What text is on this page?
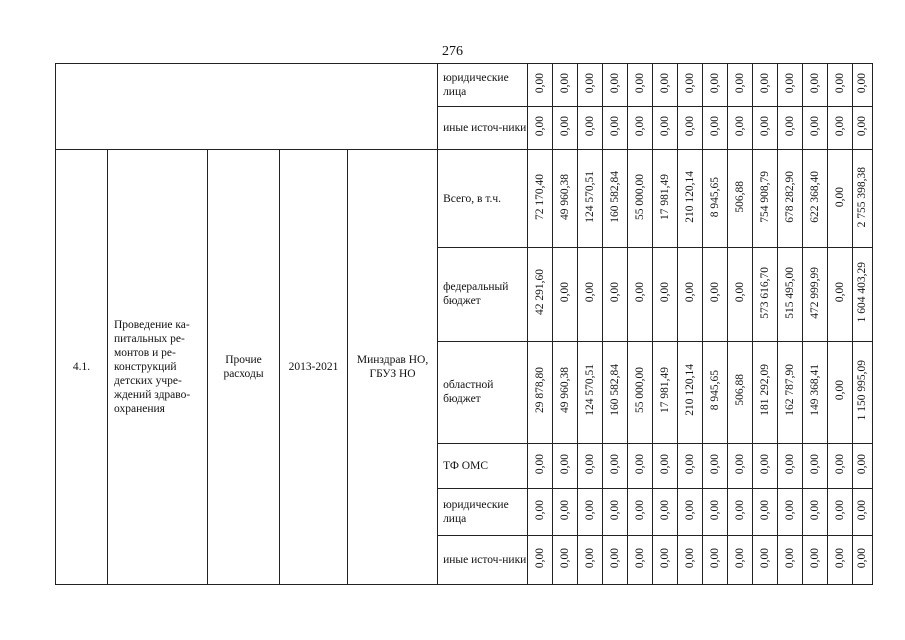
276
					юридические лица	0,00	0,00	0,00	0,00	0,00	0,00	0,00	0,00	0,00	0,00	0,00	0,00	0,00	0,00
					иные источ-ники	0,00	0,00	0,00	0,00	0,00	0,00	0,00	0,00	0,00	0,00	0,00	0,00	0,00	0,00
4.1.	Проведение ка-питальных ре-монтов и ре-конструкций детских учре-ждений здраво-охранения	Прочие расходы	2013-2021	Минздрав НО, ГБУЗ НО	Всего, в т.ч.	72 170,40	49 960,38	124 570,51	160 582,84	55 000,00	17 981,49	210 120,14	8 945,65	506,88	754 908,79	678 282,90	622 368,40	0,00	2 755 398,38
					федеральный бюджет	42 291,60	0,00	0,00	0,00	0,00	0,00	0,00	0,00	0,00	573 616,70	515 495,00	472 999,99	0,00	1 604 403,29
					областной бюджет	29 878,80	49 960,38	124 570,51	160 582,84	55 000,00	17 981,49	210 120,14	8 945,65	506,88	181 292,09	162 787,90	149 368,41	0,00	1 150 995,09
					ТФ ОМС	0,00	0,00	0,00	0,00	0,00	0,00	0,00	0,00	0,00	0,00	0,00	0,00	0,00	0,00
					юридические лица	0,00	0,00	0,00	0,00	0,00	0,00	0,00	0,00	0,00	0,00	0,00	0,00	0,00	0,00
					иные источ-ники	0,00	0,00	0,00	0,00	0,00	0,00	0,00	0,00	0,00	0,00	0,00	0,00	0,00	0,00
